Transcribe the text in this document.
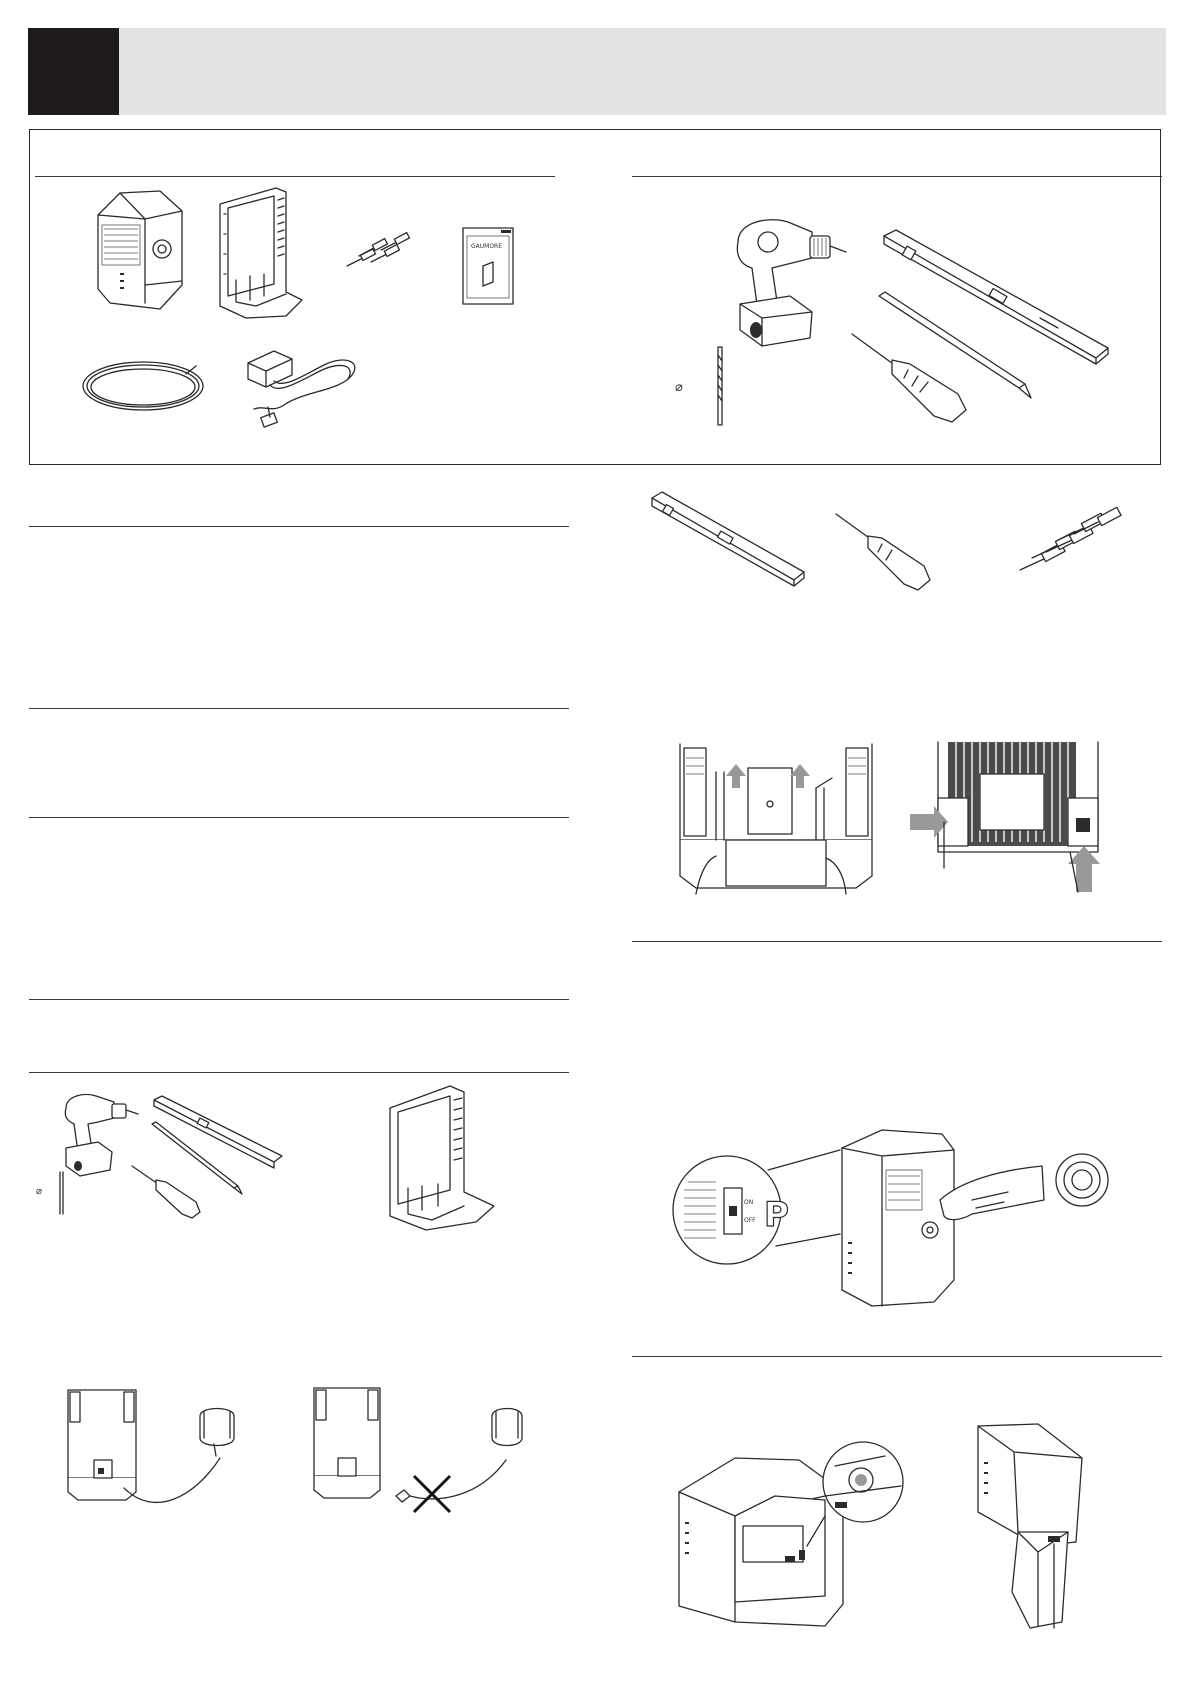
GAUMORE
⌀
ON
OFF P
⌀
